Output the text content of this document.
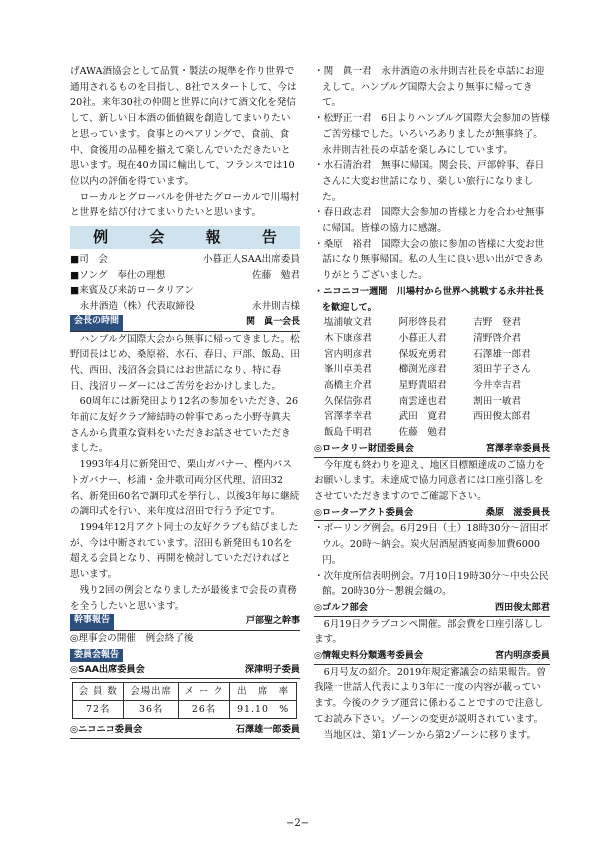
げAWA酒協会として品質・製法の規準を作り世界で通用されるものを目指し、8社でスタートして、今は20社。来年30社の仲間と世界に向けて酒文化を発信して、新しい日本酒の価値観を創造してまいりたいと思っています。食事とのペアリングで、食前、食中、食後用の品種を揃えて楽しんでいただきたいと思います。現在40カ国に輸出して、フランスでは10位以内の評価を得ています。

ローカルとグローバルを併せたグローカルで川場村と世界を結び付けてまいりたいと思います。

例 会 報 告
■司　会	小暮正人SAA出席委員
■ソング　奉仕の理想	佐藤　勉君
■来賓及び来訪ロータリアン
　永井酒造（株）代表取締役	永井則吉様
会長の時間	関　眞一会長

ハンブルグ国際大会から無事に帰ってきました。松野団長はじめ、桑原裕、水石、春日、戸部、飯島、田代、西田、浅沼各会員にはお世話になり、特に春日、浅沼リーダーにはご苦労をおかけしました。

60周年には新発田より12名の参加をいただき、26年前に友好クラブ締結時の幹事であった小野寺眞夫さんから貴重な資料をいただきお話させていただきました。

1993年4月に新発田で、栗山ガバナー、樫内パストガバナー、杉浦・金井歌司両分区代理、沼田32名、新発田60名で調印式を挙行し、以後3年毎に継続の調印式を行い、来年度は沼田で行う予定です。

1994年12月アクト同士の友好クラブも結びましたが、今は中断されています。沼田も新発田も10名を超える会員となり、再開を検討していただければと思います。

残り2回の例会となりましたが最後まで会長の責務を全うしたいと思います。

幹事報告	戸部聖之幹事

◎理事会の開催　例会終了後

委員会報告
◎SAA出席委員会	深津明子委員
会 員 数	会場出席	メ ー ク	出　席　率
72名	36名	26名	91.10　%
◎ニコニコ委員会	石澤雄一郎委員

・関　眞一君　永井酒造の永井則吉社長を卓話にお迎えして。ハンブルグ国際大会より無事に帰ってきて。

・松野正一君　6日よりハンブルグ国際大会参加の皆様ご苦労様でした。いろいろありましたが無事終了。永井則吉社長の卓話を楽しみにしています。

・水石清治君　無事に帰国。関会長、戸部幹事、春日さんに大変お世話になり、楽しい旅行になりました。

・春日政志君　国際大会参加の皆様と力を合わせ無事に帰国。皆様の協力に感謝。

・桑原　裕君　国際大会の旅に参加の皆様に大変お世話になり無事帰国。私の人生に良い思い出ができありがとうございました。

・ニコニコ一週間　川場村から世界へ挑戦する永井社長を歓迎して。

塩浦敏文君	阿形啓長君	吉野　登君
木下康彦君	小暮正人君	清野啓介君
宮内明彦君	保坂充勇君	石澤雄一郎君
峯川卓美君	櫛渕光彦君	須田芋子さん
高橋主介君	星野貴昭君	今井幸吉君
久保信弥君	南雲達也君	割田一敏君
宮澤孝幸君	武田　寛君	西田俊太郎君
飯島千明君	佐藤　勉君
◎ロータリー財団委員会	宮澤孝幸委員長

今年度も終わりを迎え、地区目標額達成のご協力をお願いします。未達成で協力同意者には口座引落しをさせていただきますのでご確認下さい。

◎ローターアクト委員会	桑原　滋委員長

・ボーリング例会。6月29日（土）18時30分〜沼田ボウル。20時〜納会。炭火居酒屋酒宴両参加費6000円。

・次年度所信表明例会。7月10日19時30分〜中央公民館。20時30分〜懇親会織の。

◎ゴルフ部会	西田俊太郎君

6月19日クラブコンペ開催。部会費を口座引落しします。

◎情報史料分類選考委員会	宮内明彦委員

6月号友の紹介。2019年規定審議会の結果報告。曽我隆一世話人代表により3年に一度の内容が載っています。今後のクラブ運営に係わることですので注意してお読み下さい。ゾーンの変更が説明されています。

当地区は、第1ゾーンから第2ゾーンに移ります。

−2−
